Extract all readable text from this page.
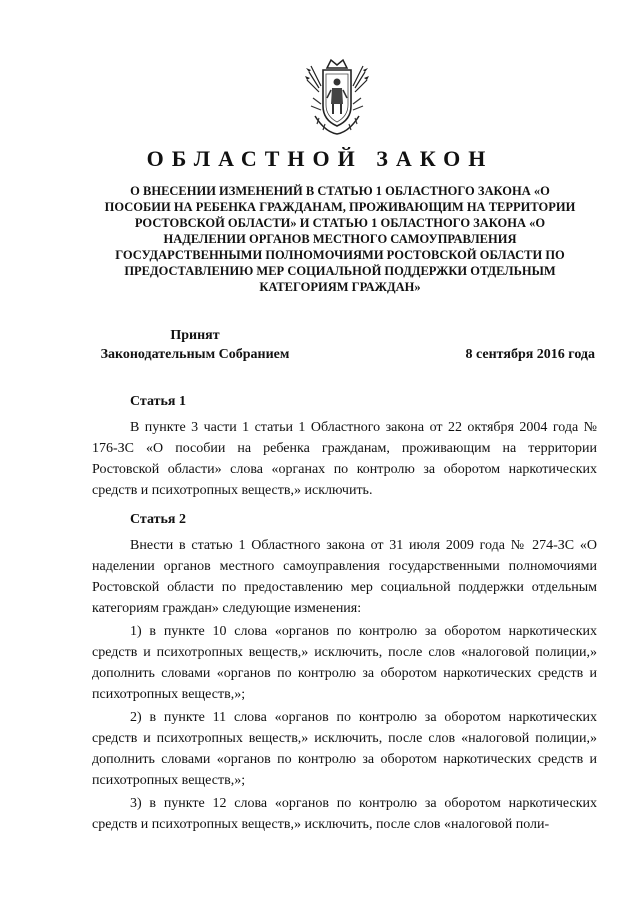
ОБЛАСТНОЙ ЗАКОН
О ВНЕСЕНИИ ИЗМЕНЕНИЙ В СТАТЬЮ 1 ОБЛАСТНОГО ЗАКОНА «О ПОСОБИИ НА РЕБЕНКА ГРАЖДАНАМ, ПРОЖИВАЮЩИМ НА ТЕРРИТОРИИ РОСТОВСКОЙ ОБЛАСТИ» И СТАТЬЮ 1 ОБЛАСТНОГО ЗАКОНА «О НАДЕЛЕНИИ ОРГАНОВ МЕСТНОГО САМОУПРАВЛЕНИЯ ГОСУДАРСТВЕННЫМИ ПОЛНОМОЧИЯМИ РОСТОВСКОЙ ОБЛАСТИ ПО ПРЕДОСТАВЛЕНИЮ МЕР СОЦИАЛЬНОЙ ПОДДЕРЖКИ ОТДЕЛЬНЫМ КАТЕГОРИЯМ ГРАЖДАН»
Принят
Законодательным Собранием	8 сентября 2016 года
Статья 1

В пункте 3 части 1 статьи 1 Областного закона от 22 октября 2004 года № 176-ЗС «О пособии на ребенка гражданам, проживающим на территории Ростовской области» слова «органах по контролю за оборотом наркотических средств и психотропных веществ,» исключить.

Статья 2

Внести в статью 1 Областного закона от 31 июля 2009 года № 274-ЗС «О наделении органов местного самоуправления государственными полномочиями Ростовской области по предоставлению мер социальной поддержки отдельным категориям граждан» следующие изменения:

1) в пункте 10 слова «органов по контролю за оборотом наркотических средств и психотропных веществ,» исключить, после слов «налоговой полиции,» дополнить словами «органов по контролю за оборотом наркотических средств и психотропных веществ,»;

2) в пункте 11 слова «органов по контролю за оборотом наркотических средств и психотропных веществ,» исключить, после слов «налоговой полиции,» дополнить словами «органов по контролю за оборотом наркотических средств и психотропных веществ,»;

3) в пункте 12 слова «органов по контролю за оборотом наркотических средств и психотропных веществ,» исключить, после слов «налоговой поли-
